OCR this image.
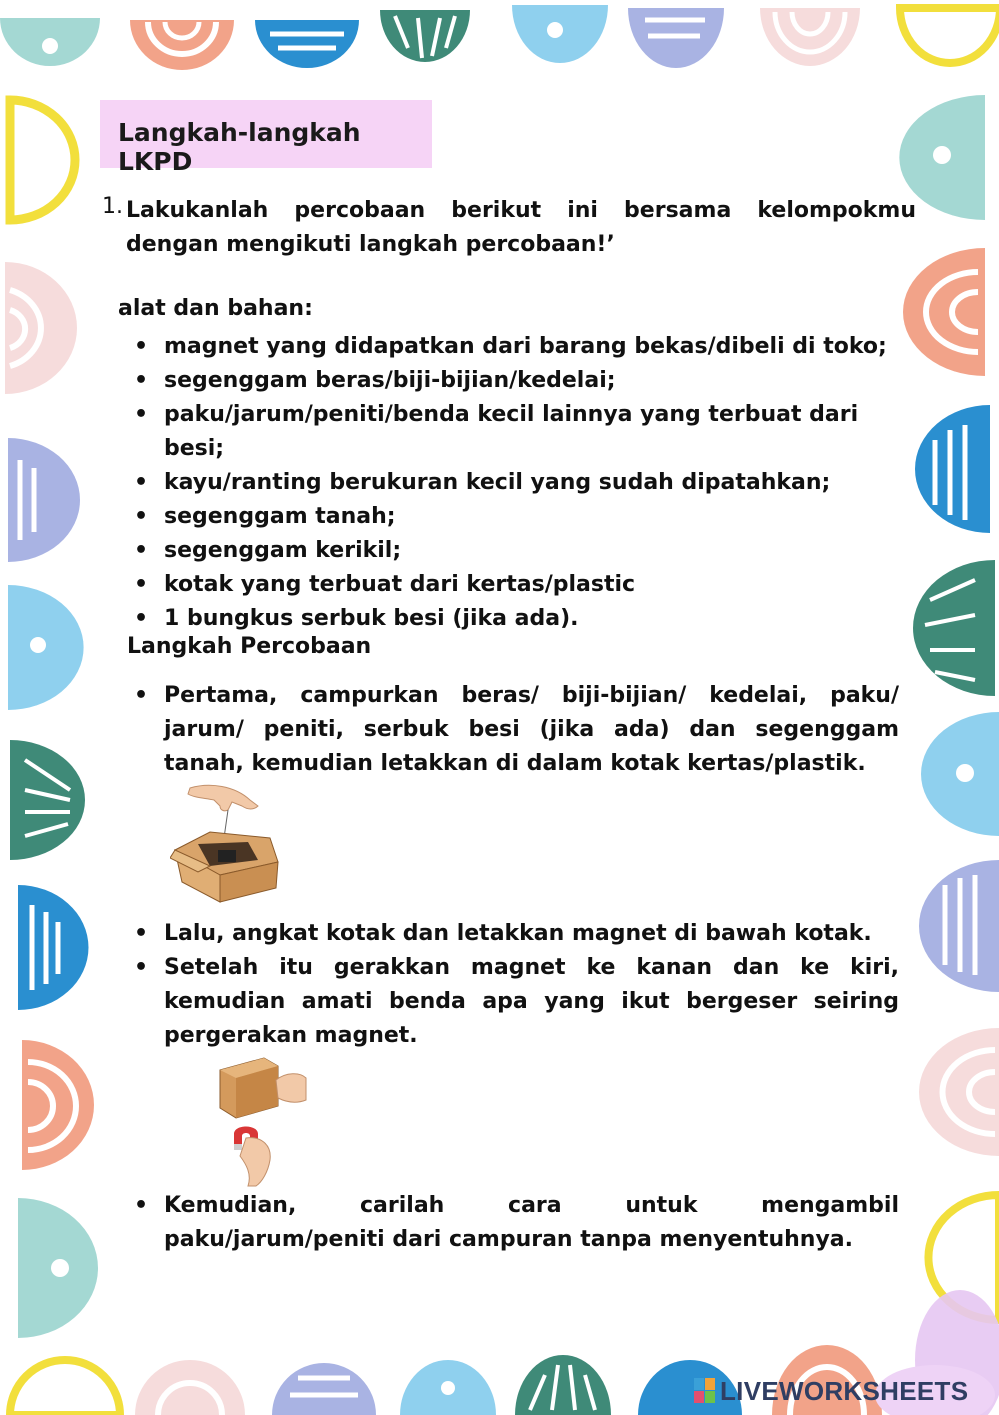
Langkah-langkah LKPD
1. Lakukanlah percobaan berikut ini bersama kelompokmu dengan mengikuti langkah percobaan!’
alat dan bahan:
• magnet yang didapatkan dari barang bekas/dibeli di toko;
• segenggam beras/biji-bijian/kedelai;
• paku/jarum/peniti/benda kecil lainnya yang terbuat dari besi;
• kayu/ranting berukuran kecil yang sudah dipatahkan;
• segenggam tanah;
• segenggam kerikil;
• kotak yang terbuat dari kertas/plastic
• 1 bungkus serbuk besi (jika ada).
Langkah Percobaan
• Pertama, campurkan beras/ biji-bijian/ kedelai, paku/ jarum/ peniti, serbuk besi (jika ada) dan segenggam tanah, kemudian letakkan di dalam kotak kertas/plastik.
• Lalu, angkat kotak dan letakkan magnet di bawah kotak.
• Setelah itu gerakkan magnet ke kanan dan ke kiri, kemudian amati benda apa yang ikut bergeser seiring pergerakan magnet.
• Kemudian, carilah cara untuk mengambil paku/jarum/peniti dari campuran tanpa menyentuhnya.
LIVEWORKSHEETS
